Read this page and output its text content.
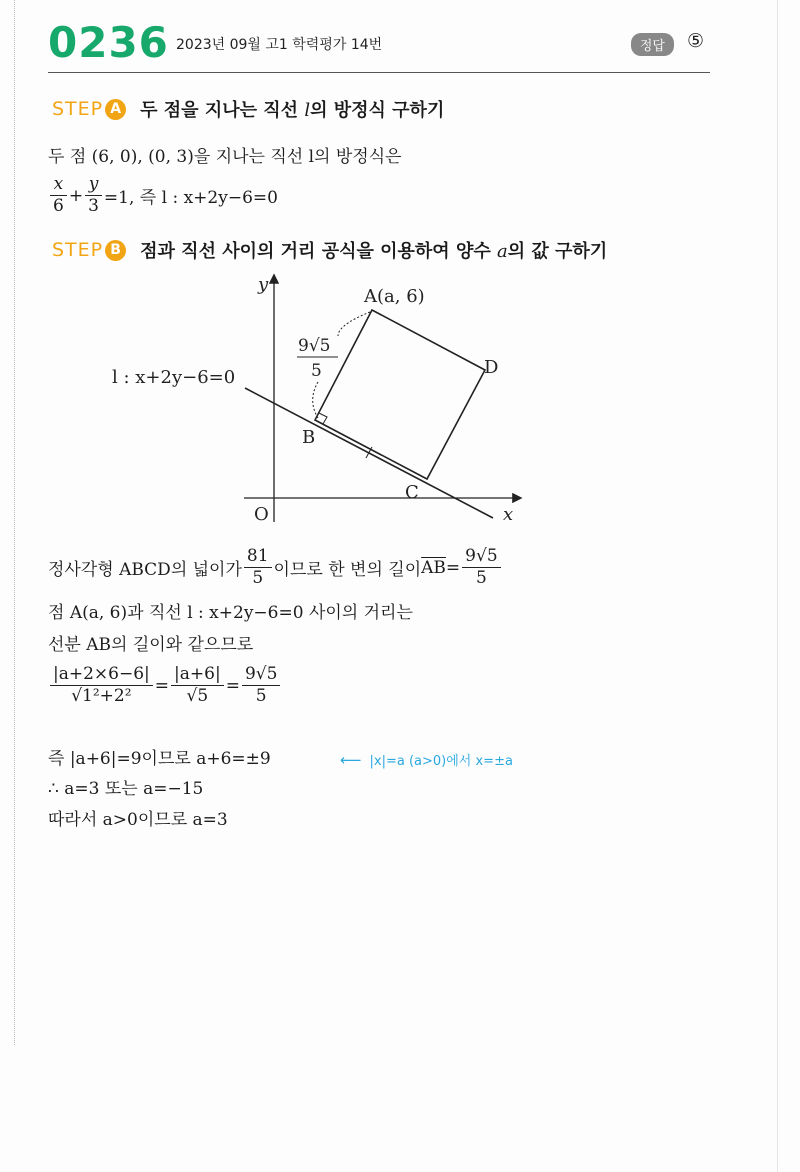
0236 2023년 09월 고1 학력평가 14번	정답	⑤
STEP A 두 점을 지나는 직선 l의 방정식 구하기
두 점 (6, 0), (0, 3)을 지나는 직선 l의 방정식은
$\frac{x}{6} + \frac{y}{3} =1$, 즉 l : x+2y−6=0
STEP B 점과 직선 사이의 거리 공식을 이용하여 양수 a의 값 구하기
y
x
O
l : x+2y−6=0
A(a, 6)
B
C
D
9√5
5
정사각형 ABCD의 넓이가 $\frac{81}{5}$ 이므로 한 변의 길이 $\overline{AB} = \frac{9√5}{5}$
점 A(a, 6)과 직선 l : x+2y−6=0 사이의 거리는
선분 AB의 길이와 같으므로
$\frac{|a+2\times 6-6|}{\text{√1²+2²}} = \frac{|a+6|}{√5} = \frac{9√5}{5}$
즉 |a+6|=9이므로 a+6=±9	⟵ |x|=a (a>0)에서 x=±a
∴ a=3 또는 a=−15
따라서 a>0이므로 a=3
